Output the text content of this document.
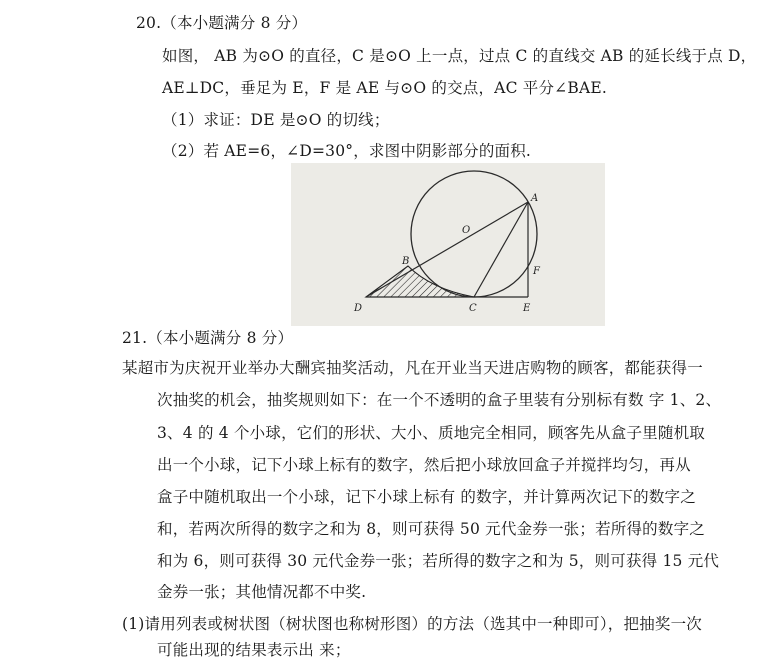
20.（本小题满分 8 分）
如图， AB 为⊙O 的直径，C 是⊙O 上一点，过点 C 的直线交 AB 的延长线于点 D，
AE⊥DC，垂足为 E，F 是 AE 与⊙O 的交点，AC 平分∠BAE.
（1）求证：DE 是⊙O 的切线；
（2）若 AE=6，∠D=30°，求图中阴影部分的面积.
A
O
B
F
D	C	E
21.（本小题满分 8 分）
某超市为庆祝开业举办大酬宾抽奖活动，凡在开业当天进店购物的顾客，都能获得一
次抽奖的机会，抽奖规则如下：在一个不透明的盒子里装有分别标有数 字 1、2、
3、4 的 4 个小球，它们的形状、大小、质地完全相同，顾客先从盒子里随机取
出一个小球，记下小球上标有的数字，然后把小球放回盒子并搅拌均匀，再从
盒子中随机取出一个小球，记下小球上标有 的数字，并计算两次记下的数字之
和，若两次所得的数字之和为 8，则可获得 50 元代金券一张；若所得的数字之
和为 6，则可获得 30 元代金券一张；若所得的数字之和为 5，则可获得 15 元代
金券一张；其他情况都不中奖.
(1)请用列表或树状图（树状图也称树形图）的方法（选其中一种即可），把抽奖一次
可能出现的结果表示出 来；
